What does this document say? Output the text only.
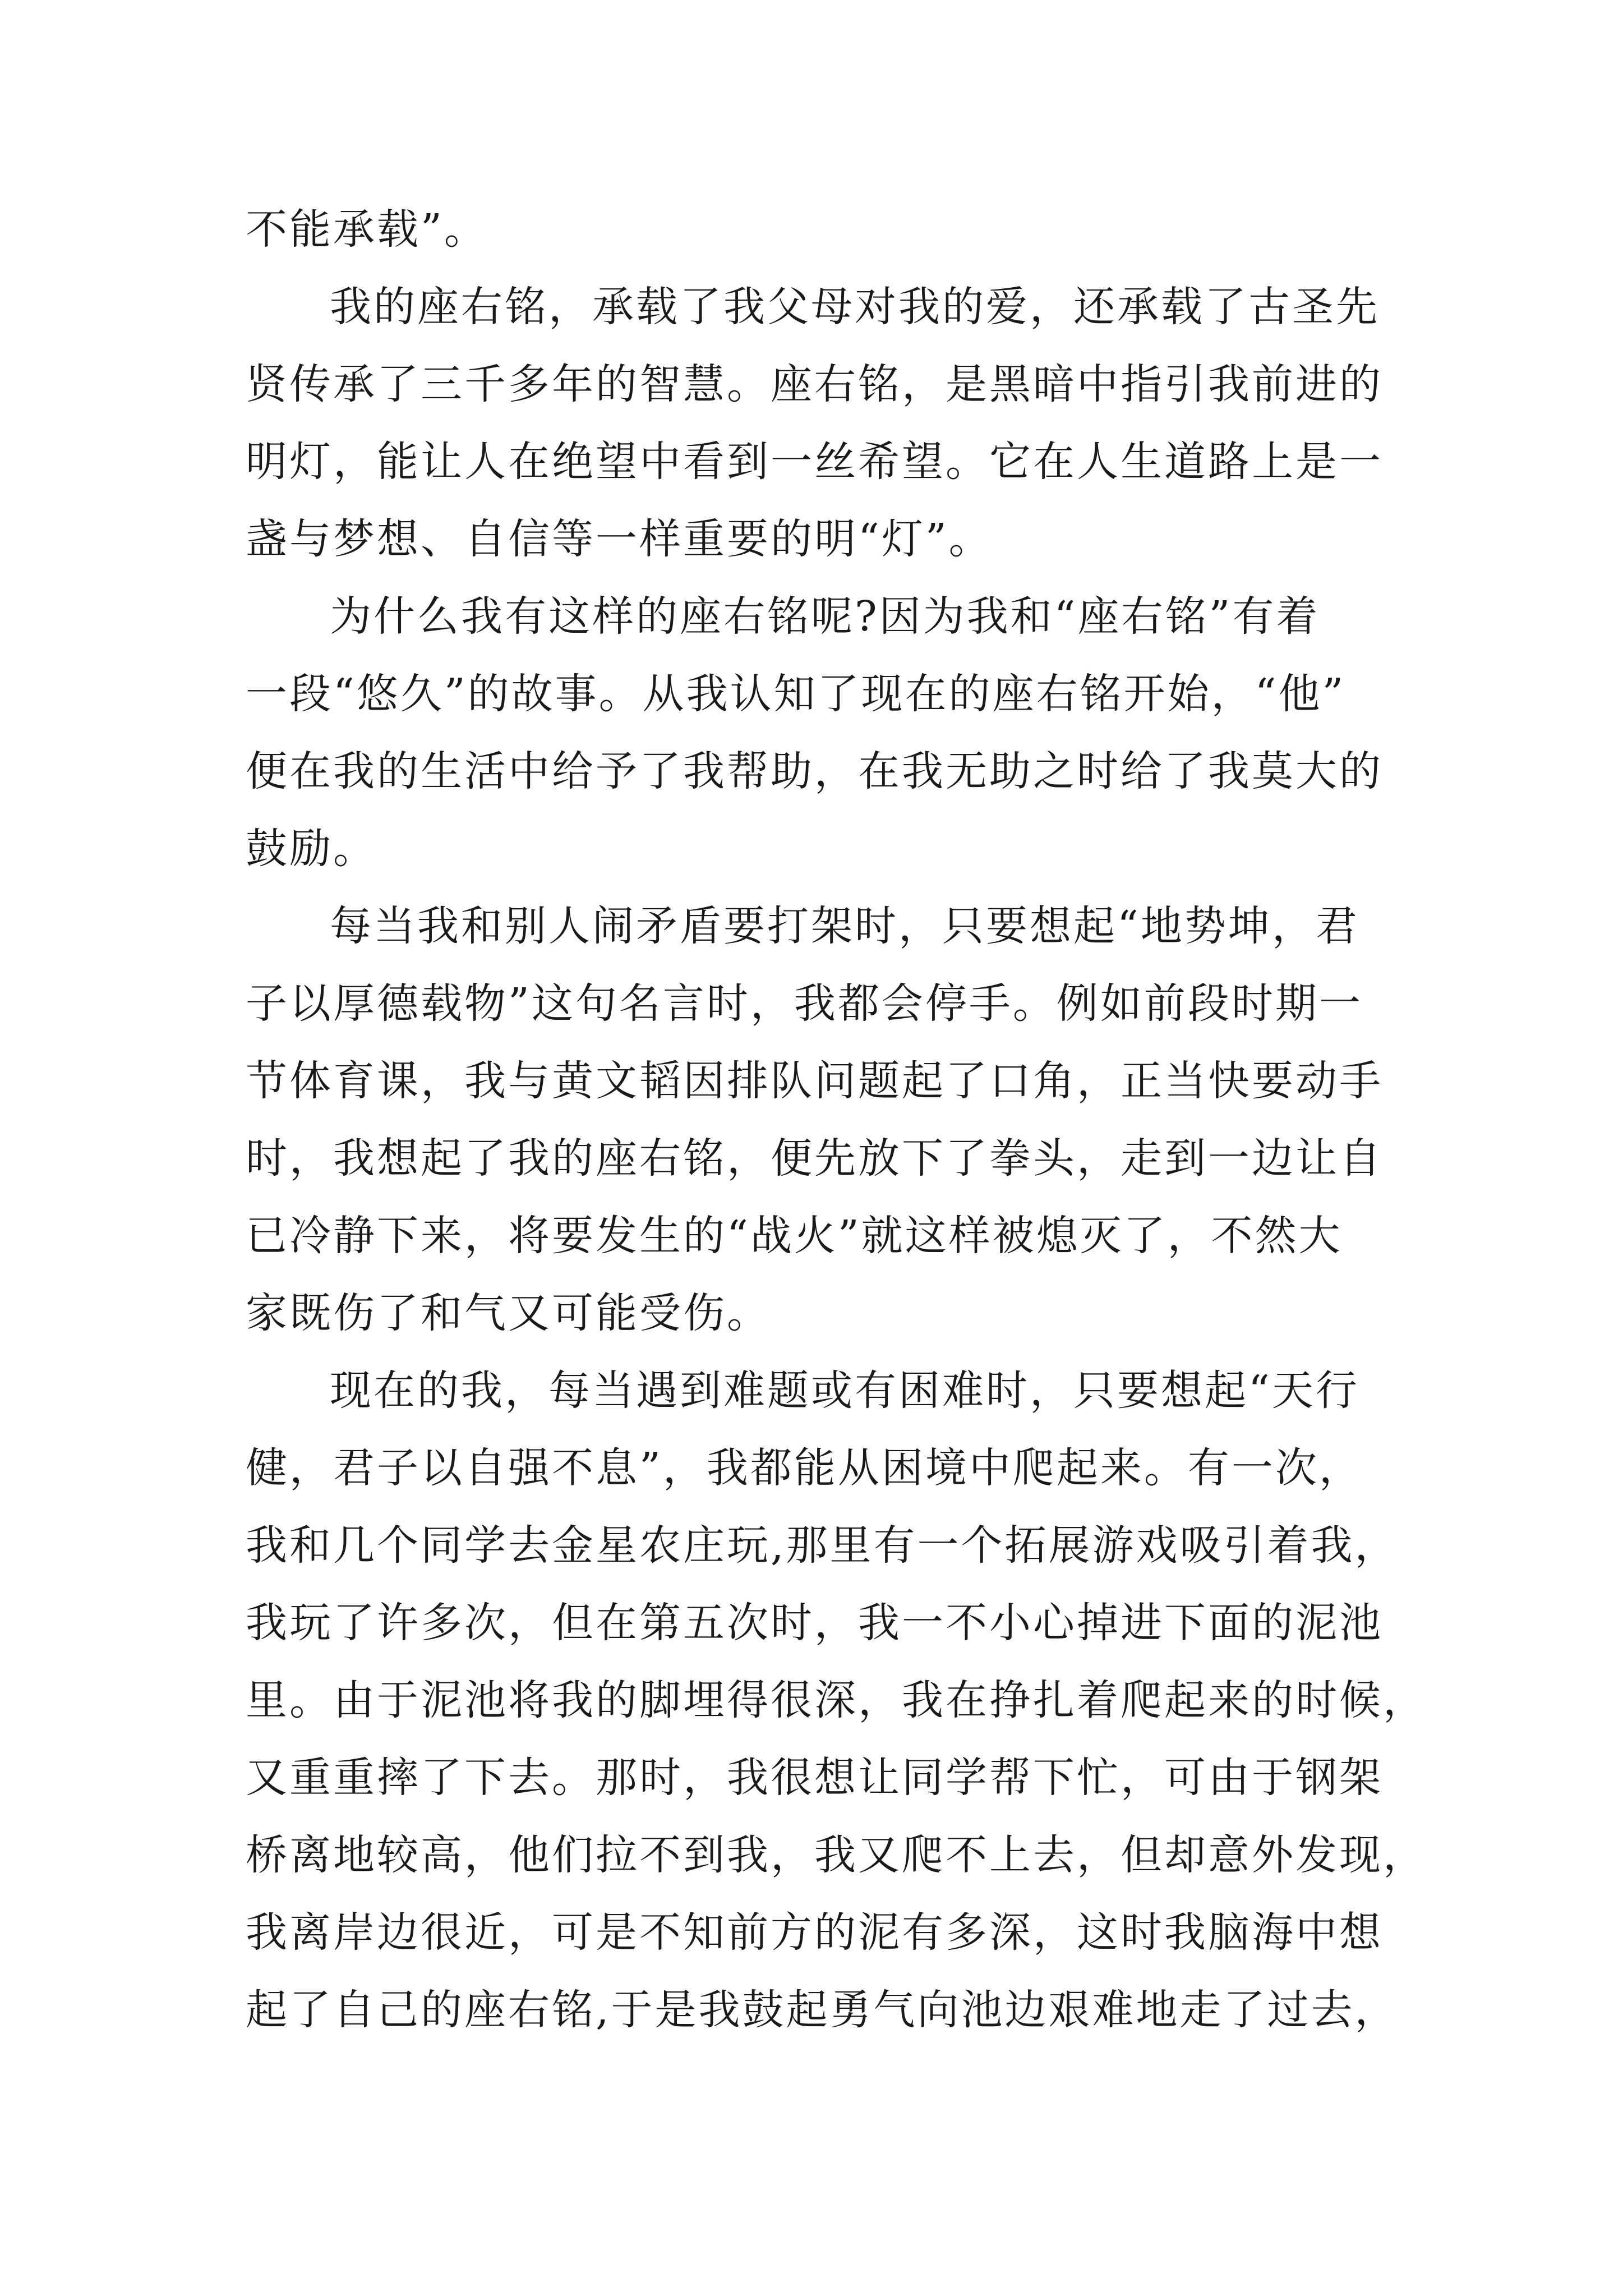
不能承载”。
我的座右铭，承载了我父母对我的爱，还承载了古圣先
贤传承了三千多年的智慧。座右铭，是黑暗中指引我前进的
明灯，能让人在绝望中看到一丝希望。它在人生道路上是一
盏与梦想、自信等一样重要的明“灯”。
为什么我有这样的座右铭呢?因为我和“座右铭”有着
一段“悠久”的故事。从我认知了现在的座右铭开始，“他”
便在我的生活中给予了我帮助，在我无助之时给了我莫大的
鼓励。
每当我和别人闹矛盾要打架时，只要想起“地势坤，君
子以厚德载物”这句名言时，我都会停手。例如前段时期一
节体育课，我与黄文韬因排队问题起了口角，正当快要动手
时，我想起了我的座右铭，便先放下了拳头，走到一边让自
已冷静下来，将要发生的“战火”就这样被熄灭了，不然大
家既伤了和气又可能受伤。
现在的我，每当遇到难题或有困难时，只要想起“天行
健，君子以自强不息”，我都能从困境中爬起来。有一次，
我和几个同学去金星农庄玩,那里有一个拓展游戏吸引着我，
我玩了许多次，但在第五次时，我一不小心掉进下面的泥池
里。由于泥池将我的脚埋得很深，我在挣扎着爬起来的时候，
又重重摔了下去。那时，我很想让同学帮下忙，可由于钢架
桥离地较高，他们拉不到我，我又爬不上去，但却意外发现，
我离岸边很近，可是不知前方的泥有多深，这时我脑海中想
起了自己的座右铭,于是我鼓起勇气向池边艰难地走了过去，
